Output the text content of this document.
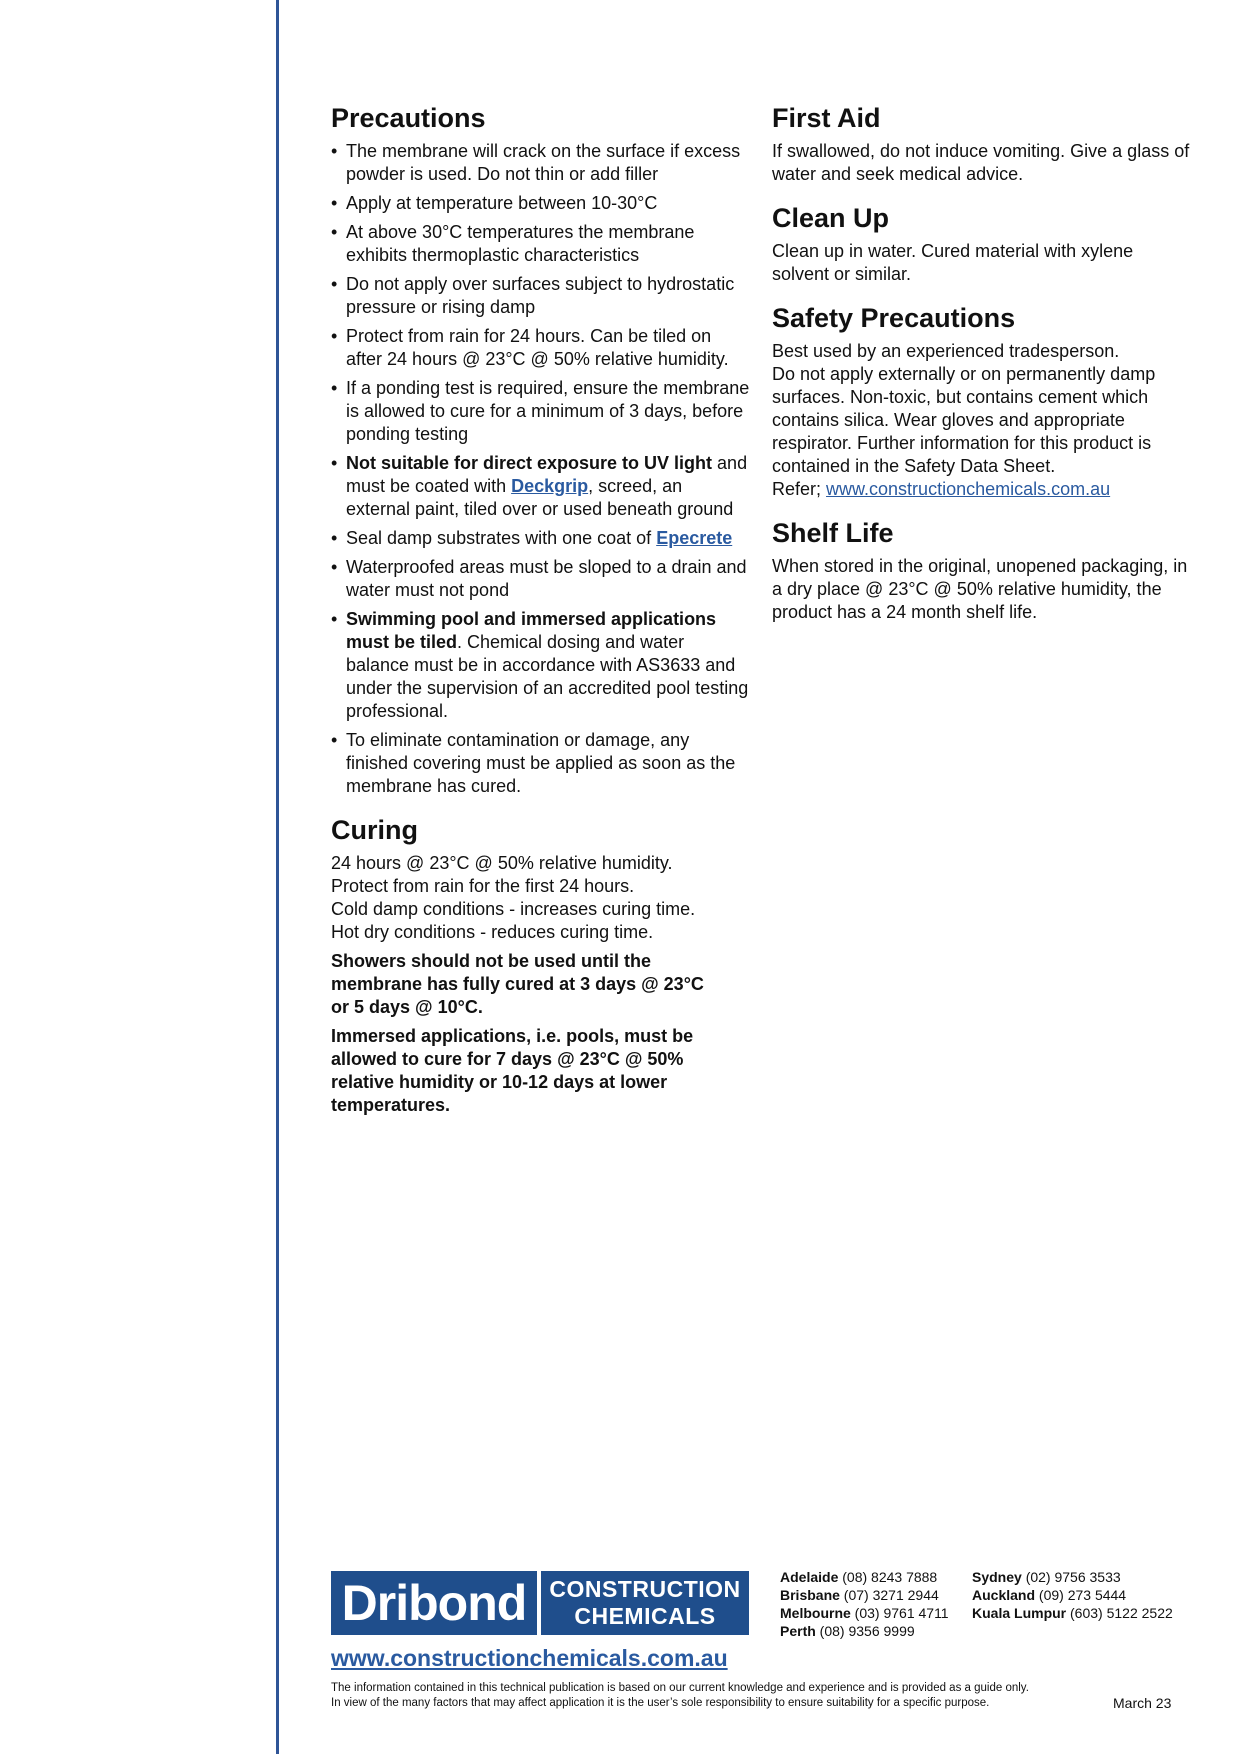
Precautions
• The membrane will crack on the surface if excess powder is used. Do not thin or add filler
• Apply at temperature between 10-30°C
• At above 30°C temperatures the membrane exhibits thermoplastic characteristics
• Do not apply over surfaces subject to hydrostatic pressure or rising damp
• Protect from rain for 24 hours. Can be tiled on after 24 hours @ 23°C @ 50% relative humidity.
• If a ponding test is required, ensure the membrane is allowed to cure for a minimum of 3 days, before ponding testing
• Not suitable for direct exposure to UV light and must be coated with Deckgrip, screed, an external paint, tiled over or used beneath ground
• Seal damp substrates with one coat of Epecrete
• Waterproofed areas must be sloped to a drain and water must not pond
• Swimming pool and immersed applications must be tiled. Chemical dosing and water balance must be in accordance with AS3633 and under the supervision of an accredited pool testing professional.
• To eliminate contamination or damage, any finished covering must be applied as soon as the membrane has cured.
Curing

24 hours @ 23°C @ 50% relative humidity.
Protect from rain for the first 24 hours.
Cold damp conditions - increases curing time.
Hot dry conditions - reduces curing time.

Showers should not be used until the membrane has fully cured at 3 days @ 23°C or 5 days @ 10°C.

Immersed applications, i.e. pools, must be allowed to cure for 7 days @ 23°C @ 50% relative humidity or 10-12 days at lower temperatures.

First Aid

If swallowed, do not induce vomiting. Give a glass of water and seek medical advice.

Clean Up

Clean up in water. Cured material with xylene solvent or similar.

Safety Precautions

Best used by an experienced tradesperson.
Do not apply externally or on permanently damp surfaces. Non-toxic, but contains cement which contains silica. Wear gloves and appropriate respirator. Further information for this product is contained in the Safety Data Sheet.
Refer; www.constructionchemicals.com.au

Shelf Life

When stored in the original, unopened packaging, in a dry place @ 23°C @ 50% relative humidity, the product has a 24 month shelf life.

Dribond	CONSTRUCTION
CHEMICALS
www.constructionchemicals.com.au
Adelaide (08) 8243 7888
Brisbane (07) 3271 2944
Melbourne (03) 9761 4711
Perth (08) 9356 9999
Sydney (02) 9756 3533
Auckland (09) 273 5444
Kuala Lumpur (603) 5122 2522
The information contained in this technical publication is based on our current knowledge and experience and is provided as a guide only.
In view of the many factors that may affect application it is the user’s sole responsibility to ensure suitability for a specific purpose.	March 23
